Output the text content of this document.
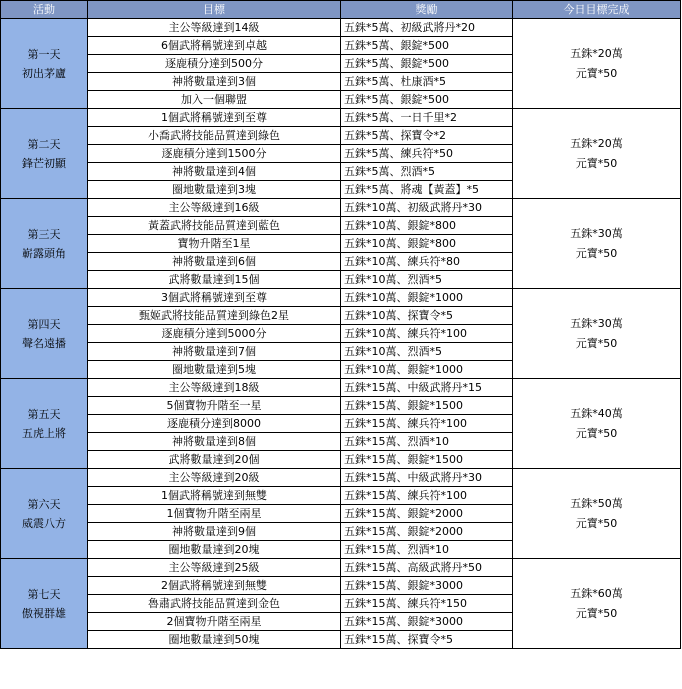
活動	目標	獎勵	今日目標完成

第一天
初出茅廬	主公等級達到14級	五銖*5萬、初級武將丹*20	五銖*20萬
元寶*50

	6個武將稱號達到卓越	五銖*5萬、銀錠*500	
	逐鹿積分達到500分	五銖*5萬、銀錠*500	
	神將數量達到3個	五銖*5萬、杜康酒*5	
	加入一個聯盟	五銖*5萬、銀錠*500	

第二天
鋒芒初顯	1個武將稱號達到至尊	五銖*5萬、一日千里*2	五銖*20萬
元寶*50

	小喬武將技能品質達到綠色	五銖*5萬、探寶令*2	
	逐鹿積分達到1500分	五銖*5萬、練兵符*50	
	神將數量達到4個	五銖*5萬、烈酒*5	
	圈地數量達到3塊	五銖*5萬、將魂【黃蓋】*5	

第三天
嶄露頭角	主公等級達到16級	五銖*10萬、初級武將丹*30	五銖*30萬
元寶*50

	黃蓋武將技能品質達到藍色	五銖*10萬、銀錠*800	
	寶物升階至1星	五銖*10萬、銀錠*800	
	神將數量達到6個	五銖*10萬、練兵符*80	
	武將數量達到15個	五銖*10萬、烈酒*5	

第四天
聲名遠播	3個武將稱號達到至尊	五銖*10萬、銀錠*1000	五銖*30萬
元寶*50

	甄姬武將技能品質達到綠色2星	五銖*10萬、探寶令*5	
	逐鹿積分達到5000分	五銖*10萬、練兵符*100	
	神將數量達到7個	五銖*10萬、烈酒*5	
	圈地數量達到5塊	五銖*10萬、銀錠*1000	

第五天
五虎上將	主公等級達到18級	五銖*15萬、中級武將丹*15	五銖*40萬
元寶*50

	5個寶物升階至一星	五銖*15萬、銀錠*1500	
	逐鹿積分達到8000	五銖*15萬、練兵符*100	
	神將數量達到8個	五銖*15萬、烈酒*10	
	武將數量達到20個	五銖*15萬、銀錠*1500	

第六天
威震八方	主公等級達到20級	五銖*15萬、中級武將丹*30	五銖*50萬
元寶*50

	1個武將稱號達到無雙	五銖*15萬、練兵符*100	
	1個寶物升階至兩星	五銖*15萬、銀錠*2000	
	神將數量達到9個	五銖*15萬、銀錠*2000	
	圈地數量達到20塊	五銖*15萬、烈酒*10	

第七天
傲視群雄	主公等級達到25級	五銖*15萬、高級武將丹*50	五銖*60萬
元寶*50

	2個武將稱號達到無雙	五銖*15萬、銀錠*3000	
	魯肅武將技能品質達到金色	五銖*15萬、練兵符*150	
	2個寶物升階至兩星	五銖*15萬、銀錠*3000	
	圈地數量達到50塊	五銖*15萬、探寶令*5	
